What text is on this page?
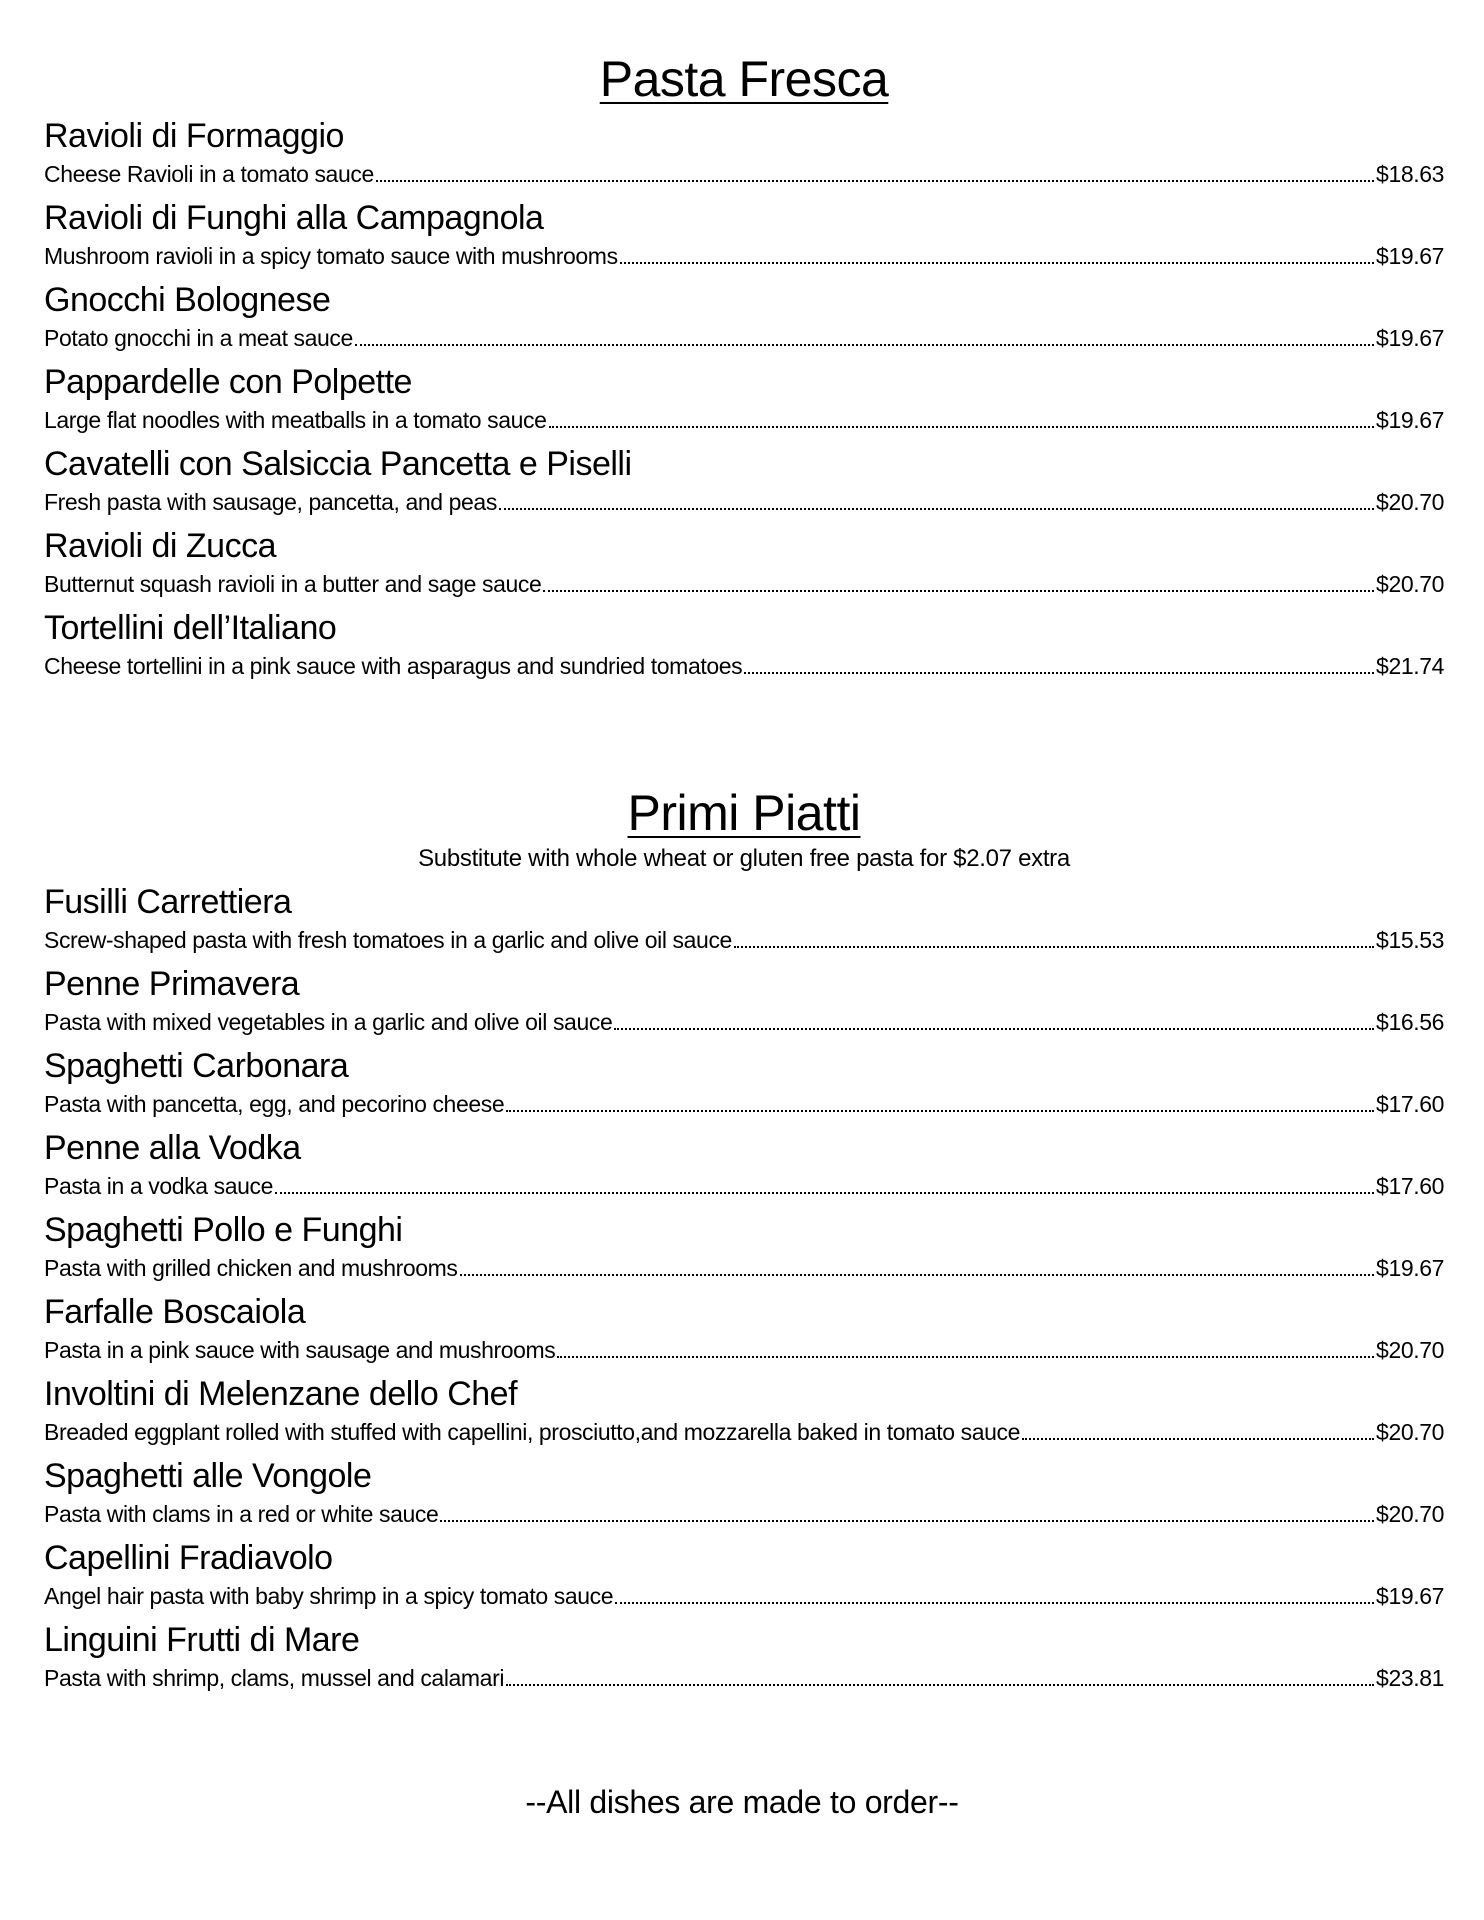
Pasta Fresca
Ravioli di Formaggio
Cheese Ravioli in a tomato sauce	$18.63
Ravioli di Funghi alla Campagnola
Mushroom ravioli in a spicy tomato sauce with mushrooms	$19.67
Gnocchi Bolognese
Potato gnocchi in a meat sauce	$19.67
Pappardelle con Polpette
Large flat noodles with meatballs in a tomato sauce	$19.67
Cavatelli con Salsiccia Pancetta e Piselli
Fresh pasta with sausage, pancetta, and peas	$20.70
Ravioli di Zucca
Butternut squash ravioli in a butter and sage sauce	$20.70
Tortellini dell’Italiano
Cheese tortellini in a pink sauce with asparagus and sundried tomatoes	$21.74
Primi Piatti

Substitute with whole wheat or gluten free pasta for $2.07 extra

Fusilli Carrettiera
Screw-shaped pasta with fresh tomatoes in a garlic and olive oil sauce	$15.53
Penne Primavera
Pasta with mixed vegetables in a garlic and olive oil sauce	$16.56
Spaghetti Carbonara
Pasta with pancetta, egg, and pecorino cheese	$17.60
Penne alla Vodka
Pasta in a vodka sauce	$17.60
Spaghetti Pollo e Funghi
Pasta with grilled chicken and mushrooms	$19.67
Farfalle Boscaiola
Pasta in a pink sauce with sausage and mushrooms	$20.70
Involtini di Melenzane dello Chef
Breaded eggplant rolled with stuffed with capellini, prosciutto,and mozzarella baked in tomato sauce	$20.70
Spaghetti alle Vongole
Pasta with clams in a red or white sauce	$20.70
Capellini Fradiavolo
Angel hair pasta with baby shrimp in a spicy tomato sauce	$19.67
Linguini Frutti di Mare
Pasta with shrimp, clams, mussel and calamari	$23.81
--All dishes are made to order--
